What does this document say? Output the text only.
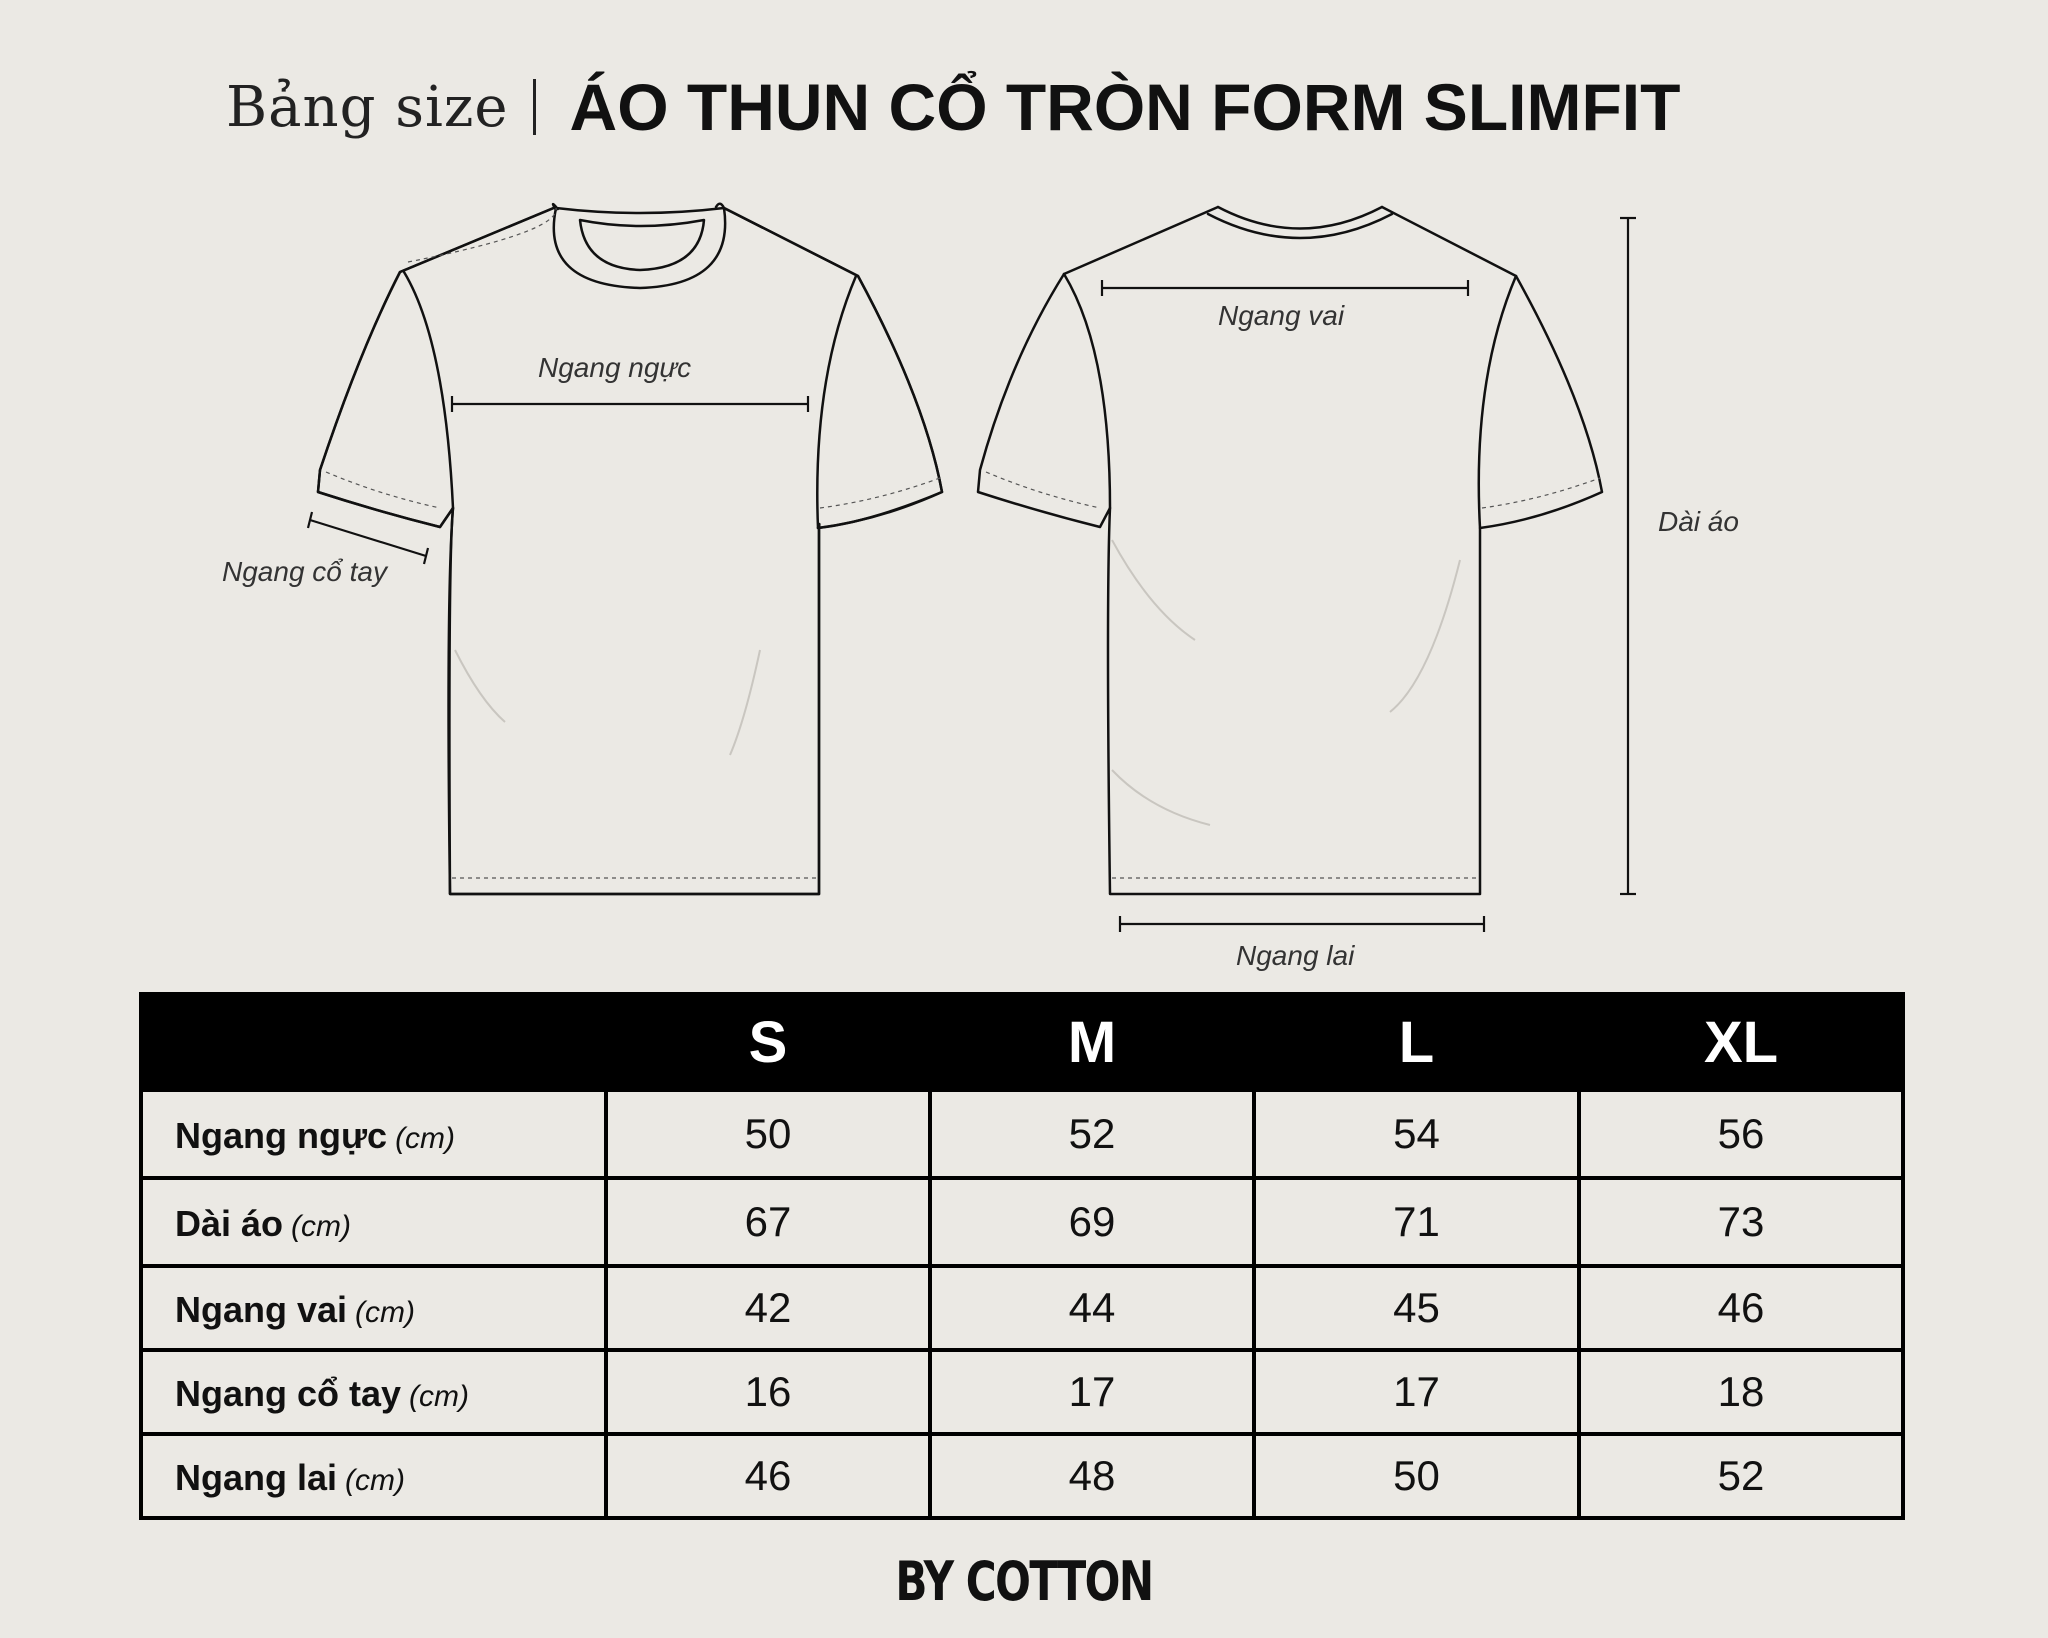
Bảng size ÁO THUN CỔ TRÒN FORM SLIMFIT
Ngang ngực
Ngang cổ tay
Ngang vai
Dài áo
Ngang lai
	S	M	L	XL
Ngang ngực (cm)	50	52	54	56
Dài áo (cm)	67	69	71	73
Ngang vai (cm)	42	44	45	46
Ngang cổ tay (cm)	16	17	17	18
Ngang lai (cm)	46	48	50	52
BY COTTON
